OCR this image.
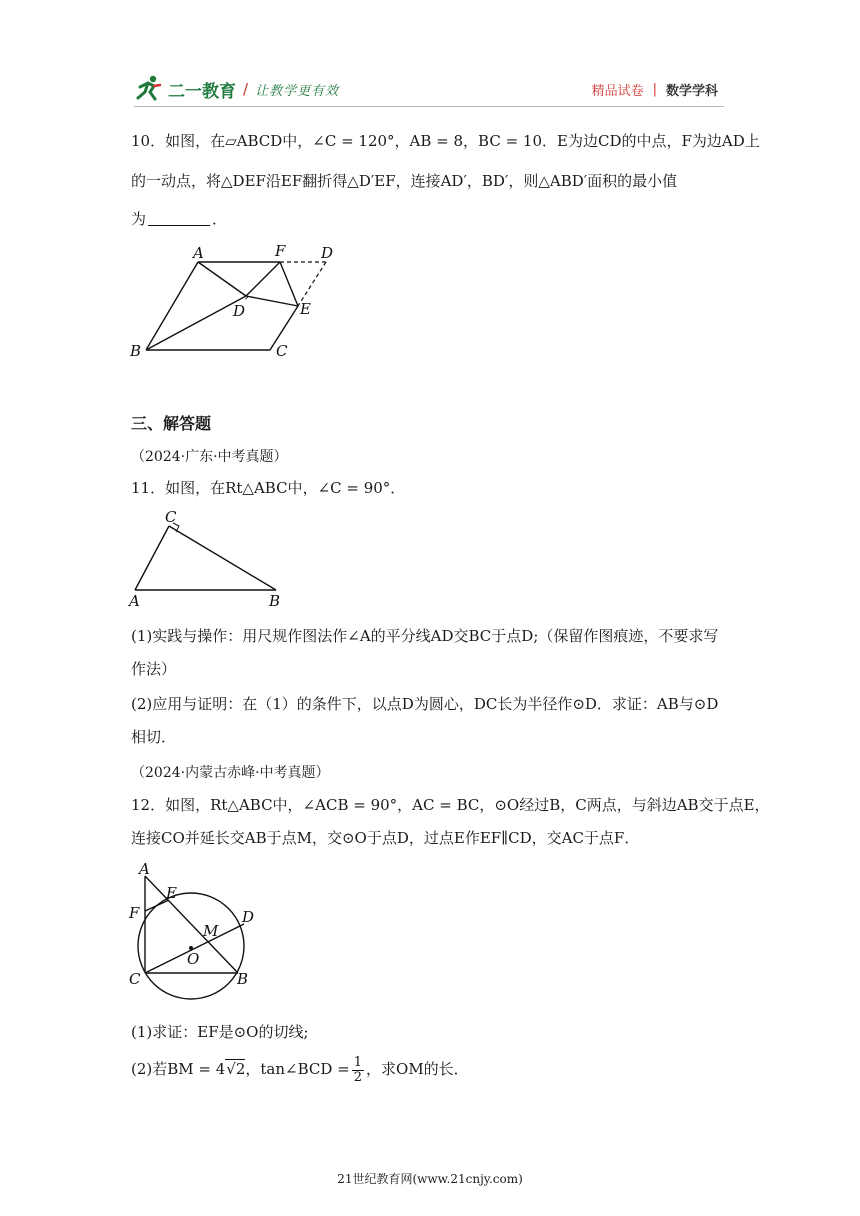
二一教育 / 让教学更有效	精品试卷 | 数学学科
10．如图，在▱ABCD中，∠C = 120°，AB = 8，BC = 10．E为边CD的中点，F为边AD上
的一动点，将△DEF沿EF翻折得△D′EF，连接AD′，BD′，则△ABD′面积的最小值
为	．
A	F D
D ′	E
B	C
三、解答题
（2024·广东·中考真题）
11．如图，在Rt△ABC中，∠C = 90°．
C
A	B
(1)实践与操作：用尺规作图法作∠A的平分线AD交BC于点D;（保留作图痕迹，不要求写
作法）
(2)应用与证明：在（1）的条件下，以点D为圆心，DC长为半径作⊙D．求证：AB与⊙D
相切．
（2024·内蒙古赤峰·中考真题）
12．如图，Rt△ABC中，∠ACB = 90°，AC = BC，⊙O经过B，C两点，与斜边AB交于点E，
连接CO并延长交AB于点M，交⊙O于点D，过点E作EF∥CD，交AC于点F．
A
E
F	D
M
O
C	B
(1)求证：EF是⊙O的切线;
(2)若BM = 4√2，tan∠BCD = $\frac{1}{2}$ ，求OM的长．
21世纪教育网(www.21cnjy.com)
